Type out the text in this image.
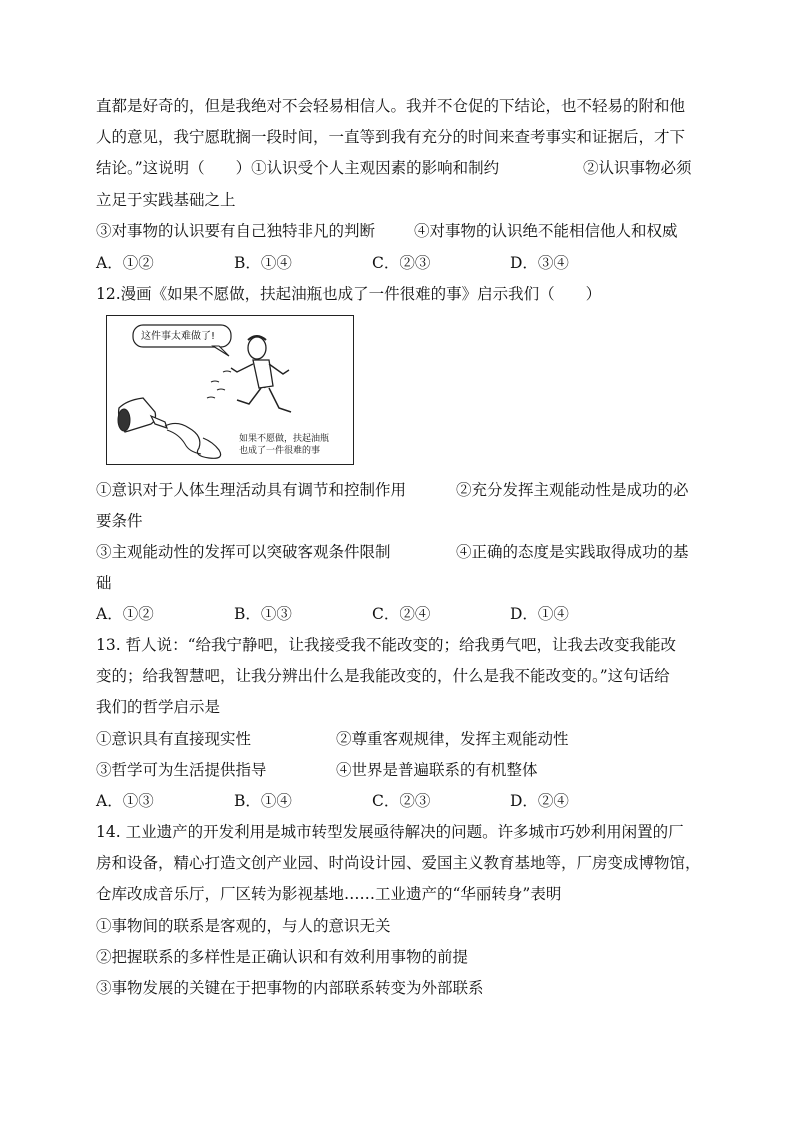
直都是好奇的，但是我绝对不会轻易相信人。我并不仓促的下结论，也不轻易的附和他
人的意见，我宁愿耽搁一段时间，一直等到我有充分的时间来查考事实和证据后，才下
结论。”这说明（　　）①认识受个人主观因素的影响和制约	②认识事物必须
立足于实践基础之上
③对事物的认识要有自己独特非凡的判断	④对事物的认识绝不能相信他人和权威
A．①②	B．①④	C．②③	D．③④
12.漫画《如果不愿做，扶起油瓶也成了一件很难的事》启示我们（　　）
这件事太难做了!
如果不愿做，扶起油瓶
也成了一件很难的事
①意识对于人体生理活动具有调节和控制作用	②充分发挥主观能动性是成功的必
要条件
③主观能动性的发挥可以突破客观条件限制	④正确的态度是实践取得成功的基
础
A．①②	B．①③	C．②④	D．①④
13. 哲人说：“给我宁静吧，让我接受我不能改变的；给我勇气吧，让我去改变我能改
变的；给我智慧吧，让我分辨出什么是我能改变的，什么是我不能改变的。”这句话给
我们的哲学启示是
①意识具有直接现实性	②尊重客观规律，发挥主观能动性
③哲学可为生活提供指导	④世界是普遍联系的有机整体
A．①③	B．①④	C．②③	D．②④
14. 工业遗产的开发利用是城市转型发展亟待解决的问题。许多城市巧妙利用闲置的厂
房和设备，精心打造文创产业园、时尚设计园、爱国主义教育基地等，厂房变成博物馆，
仓库改成音乐厅，厂区转为影视基地……工业遗产的“华丽转身”表明
①事物间的联系是客观的，与人的意识无关
②把握联系的多样性是正确认识和有效利用事物的前提
③事物发展的关键在于把事物的内部联系转变为外部联系
